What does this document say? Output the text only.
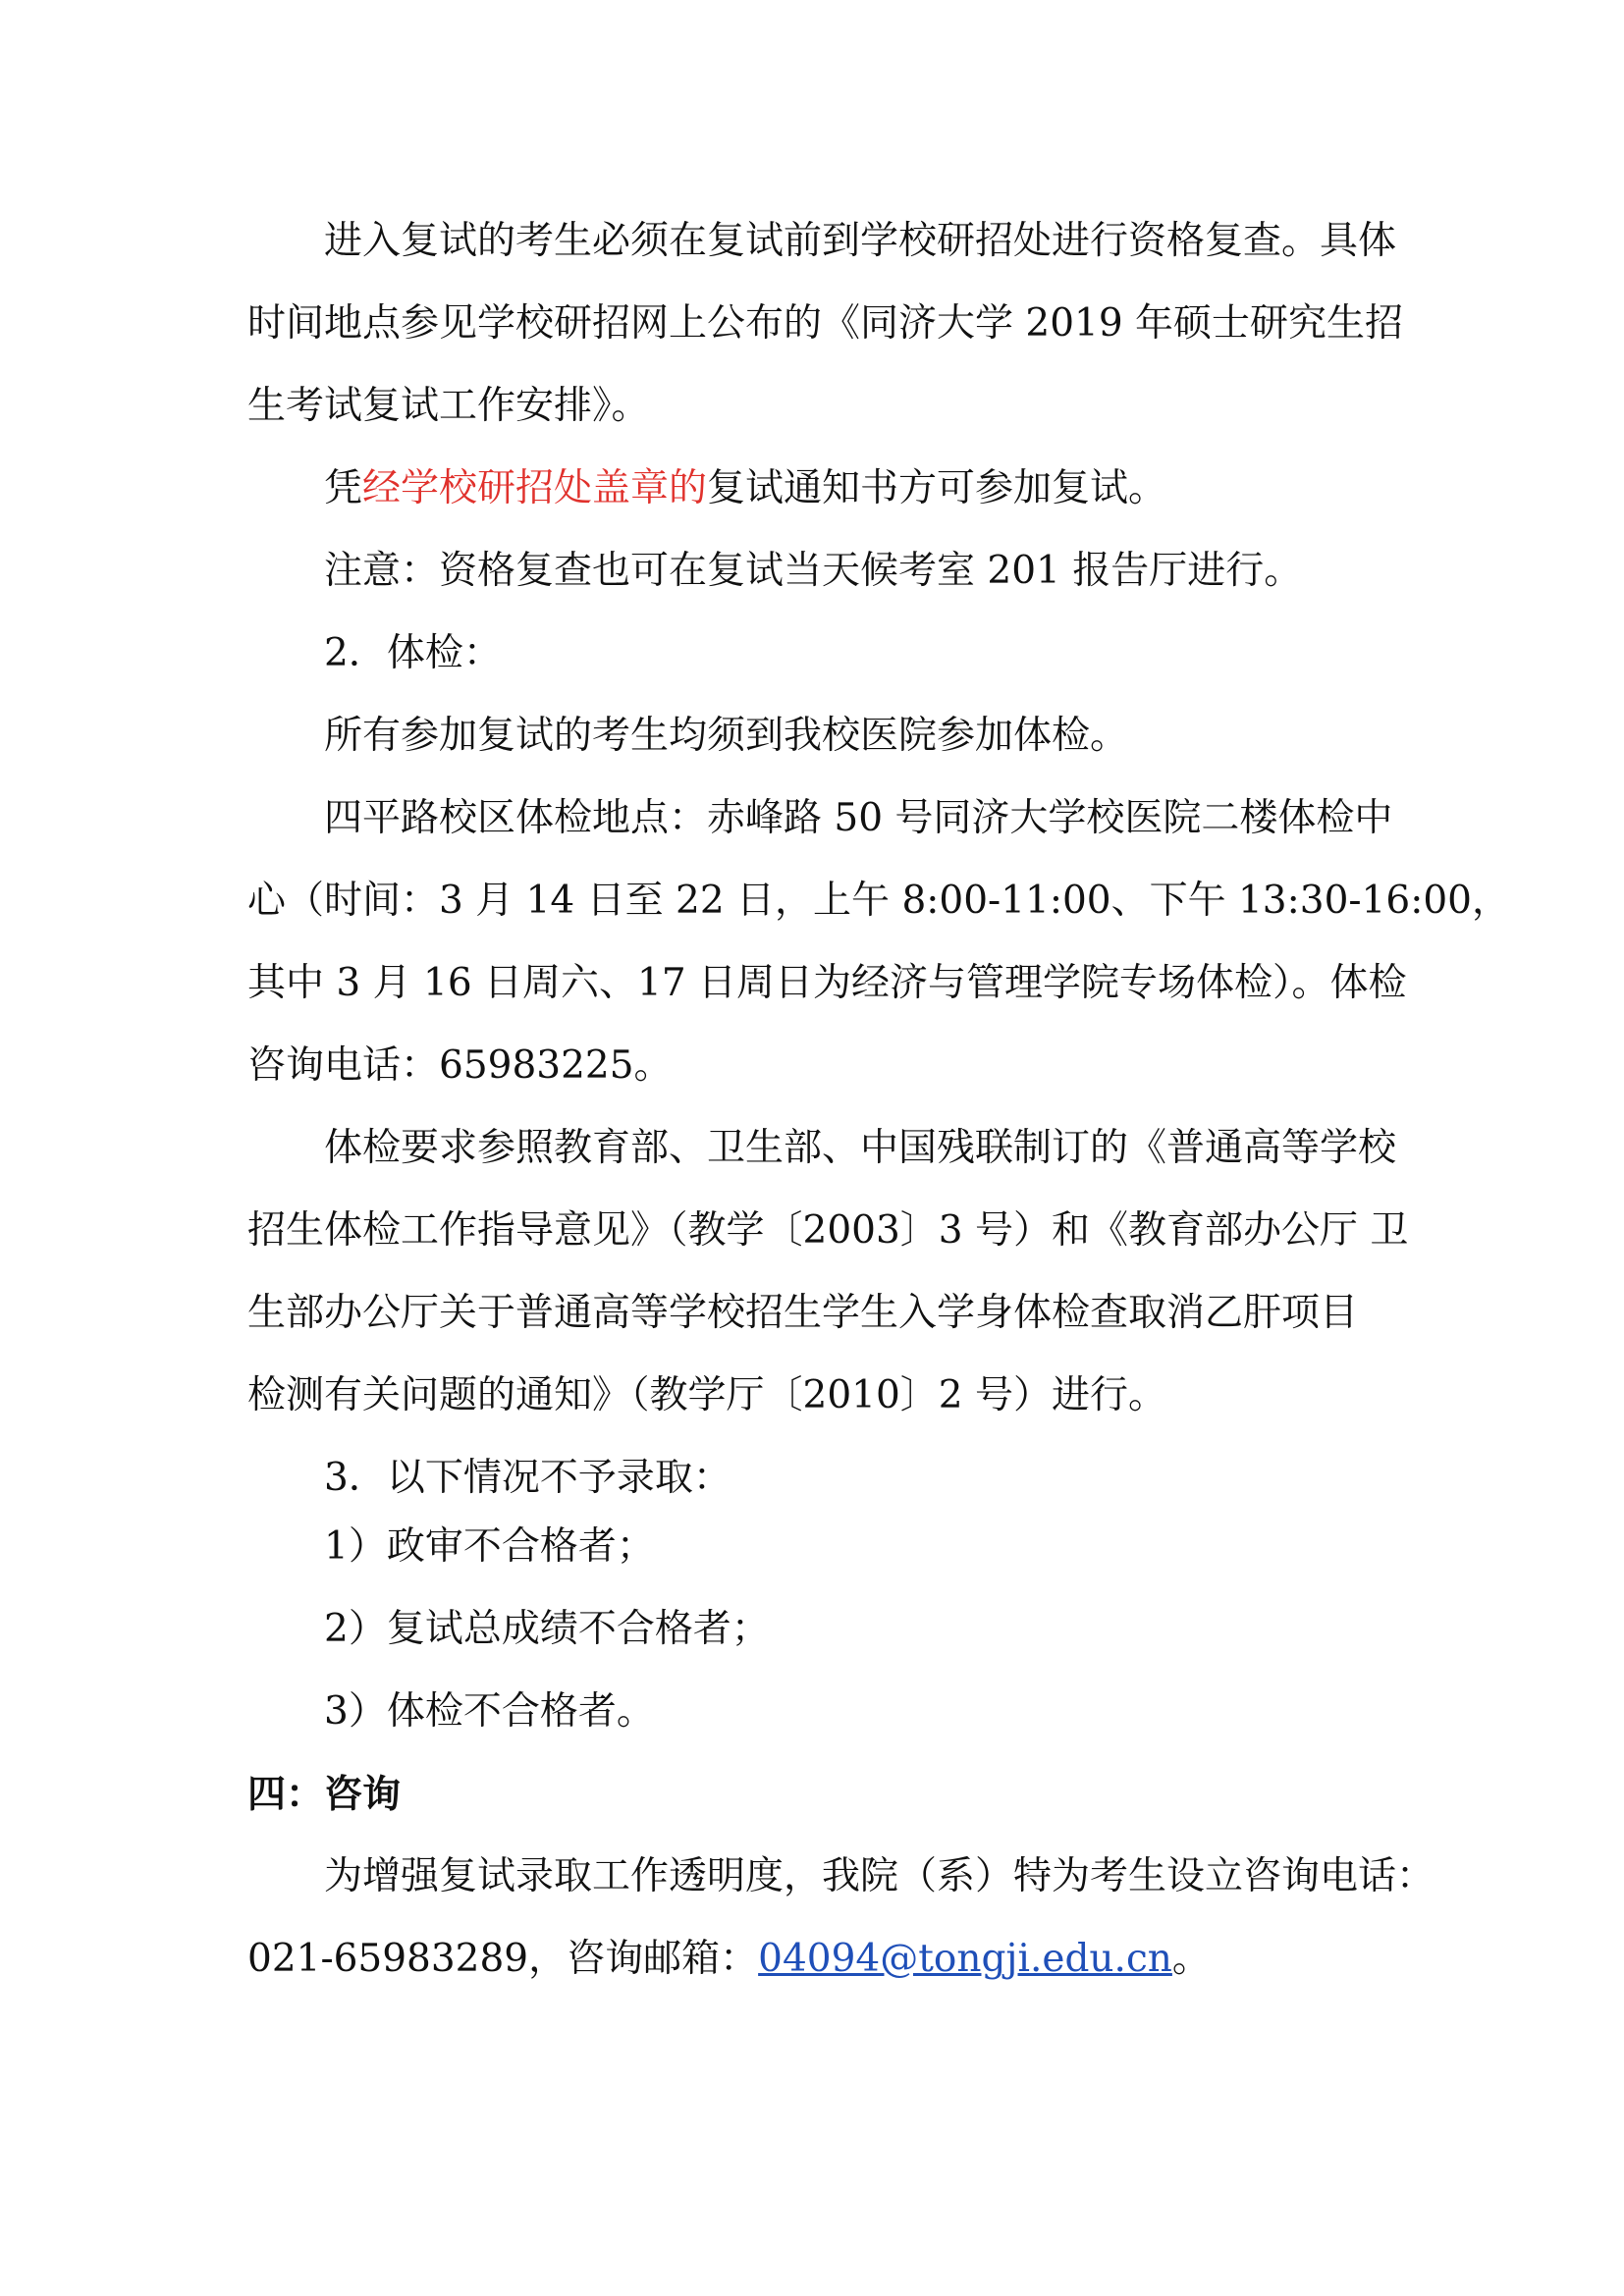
进入复试的考生必须在复试前到学校研招处进行资格复查。具体
时间地点参见学校研招网上公布的《同济大学 2019 年硕士研究生招
生考试复试工作安排》。
凭经学校研招处盖章的复试通知书方可参加复试。
注意：资格复查也可在复试当天候考室 201 报告厅进行。
2．体检：
所有参加复试的考生均须到我校医院参加体检。
四平路校区体检地点：赤峰路 50 号同济大学校医院二楼体检中
心（时间：3 月 14 日至 22 日，上午 8:00-11:00、下午 13:30-16:00，
其中 3 月 16 日周六、17 日周日为经济与管理学院专场体检）。体检
咨询电话：65983225。
体检要求参照教育部、卫生部、中国残联制订的《普通高等学校
招生体检工作指导意见》（教学〔2003〕3 号）和《教育部办公厅 卫
生部办公厅关于普通高等学校招生学生入学身体检查取消乙肝项目
检测有关问题的通知》（教学厅〔2010〕2 号）进行。
3．以下情况不予录取：
1）政审不合格者；
2）复试总成绩不合格者；
3）体检不合格者。
四：咨询
为增强复试录取工作透明度，我院（系）特为考生设立咨询电话：
021-65983289，咨询邮箱：04094@tongji.edu.cn。
